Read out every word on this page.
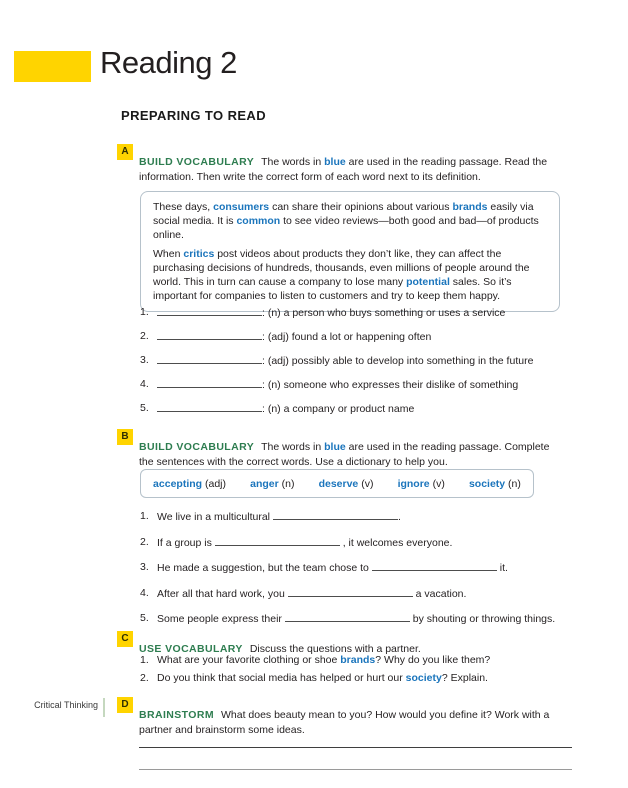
Reading 2
PREPARING TO READ
A

BUILD VOCABULARY The words in blue are used in the reading passage. Read the information. Then write the correct form of each word next to its definition.

These days, consumers can share their opinions about various brands easily via social media. It is common to see video reviews—both good and bad—of products online.

When critics post videos about products they don’t like, they can affect the purchasing decisions of hundreds, thousands, even millions of people around the world. This in turn can cause a company to lose many potential sales. So it’s important for companies to listen to customers and try to keep them happy.

1.	: (n) a person who buys something or uses a service
2.	: (adj) found a lot or happening often
3.	: (adj) possibly able to develop into something in the future
4.	: (n) someone who expresses their dislike of something
5.	: (n) a company or product name
B

BUILD VOCABULARY The words in blue are used in the reading passage. Complete the sentences with the correct words. Use a dictionary to help you.

accepting (adj) anger (n) deserve (v) ignore (v) society (n)
1. We live in a multicultural	.
2. If a group is	, it welcomes everyone.
3. He made a suggestion, but the team chose to	it.
4. After all that hard work, you	a vacation.
5. Some people express their	by shouting or throwing things.
C

USE VOCABULARY Discuss the questions with a partner.

1. What are your favorite clothing or shoe brands? Why do you like them?
2. Do you think that social media has helped or hurt our society? Explain.
Critical Thinking	D

BRAINSTORM What does beauty mean to you? How would you define it? Work with a partner and brainstorm some ideas.
